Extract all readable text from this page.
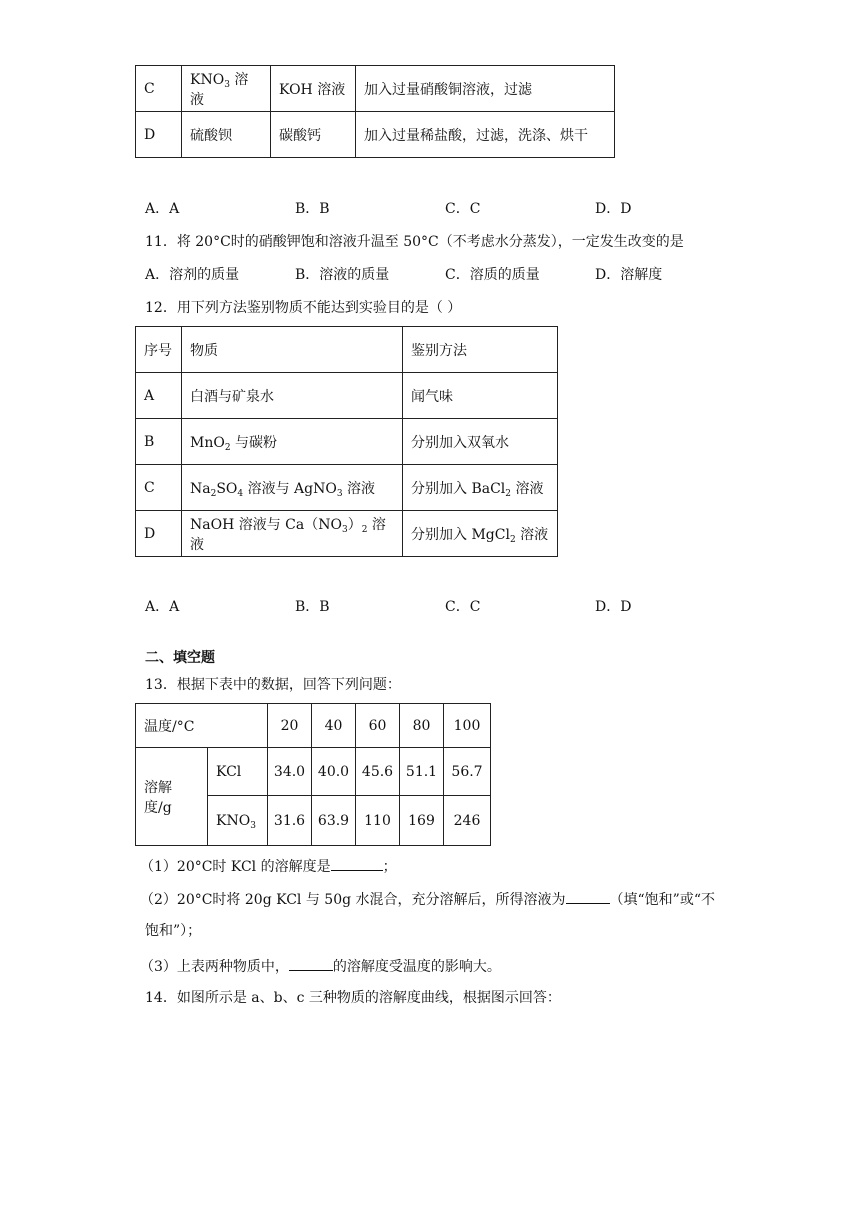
C	$KNO_3$ 溶液	KOH 溶液	加入过量硝酸铜溶液，过滤
D	硫酸钡	碳酸钙	加入过量稀盐酸，过滤，洗涤、烘干
A．A	B．B	C．C	D．D
11．将 20°C时的硝酸钾饱和溶液升温至 50°C（不考虑水分蒸发），一定发生改变的是
A．溶剂的质量	B．溶液的质量	C．溶质的质量	D．溶解度
12．用下列方法鉴别物质不能达到实验目的是（ ）
序号	物质	鉴别方法
A	白酒与矿泉水	闻气味
B	MnO$_2$ 与碳粉	分别加入双氧水
C	$Na_2SO_4$ 溶液与 AgNO$_3$ 溶液	分别加入 BaCl$_2$ 溶液
D	NaOH 溶液与 $Ca(NO_3)_2$ 溶液	分别加入 MgCl$_2$ 溶液
A．A	B．B	C．C	D．D
二、填空题
13．根据下表中的数据，回答下列问题：
温度/°C		20	40	60	80	100
溶解度/g	KCl	34.0	40.0	45.6	51.1	56.7
	$KNO_3$	31.6	63.9	110	169	246
（1）20°C时 KCl 的溶解度是	；
（2）20°C时将 20g KCl 与 50g 水混合，充分溶解后，所得溶液为	（填“饱和”或“不
饱和”）；
（3）上表两种物质中，	的溶解度受温度的影响大。
14．如图所示是 a、b、c 三种物质的溶解度曲线，根据图示回答：
